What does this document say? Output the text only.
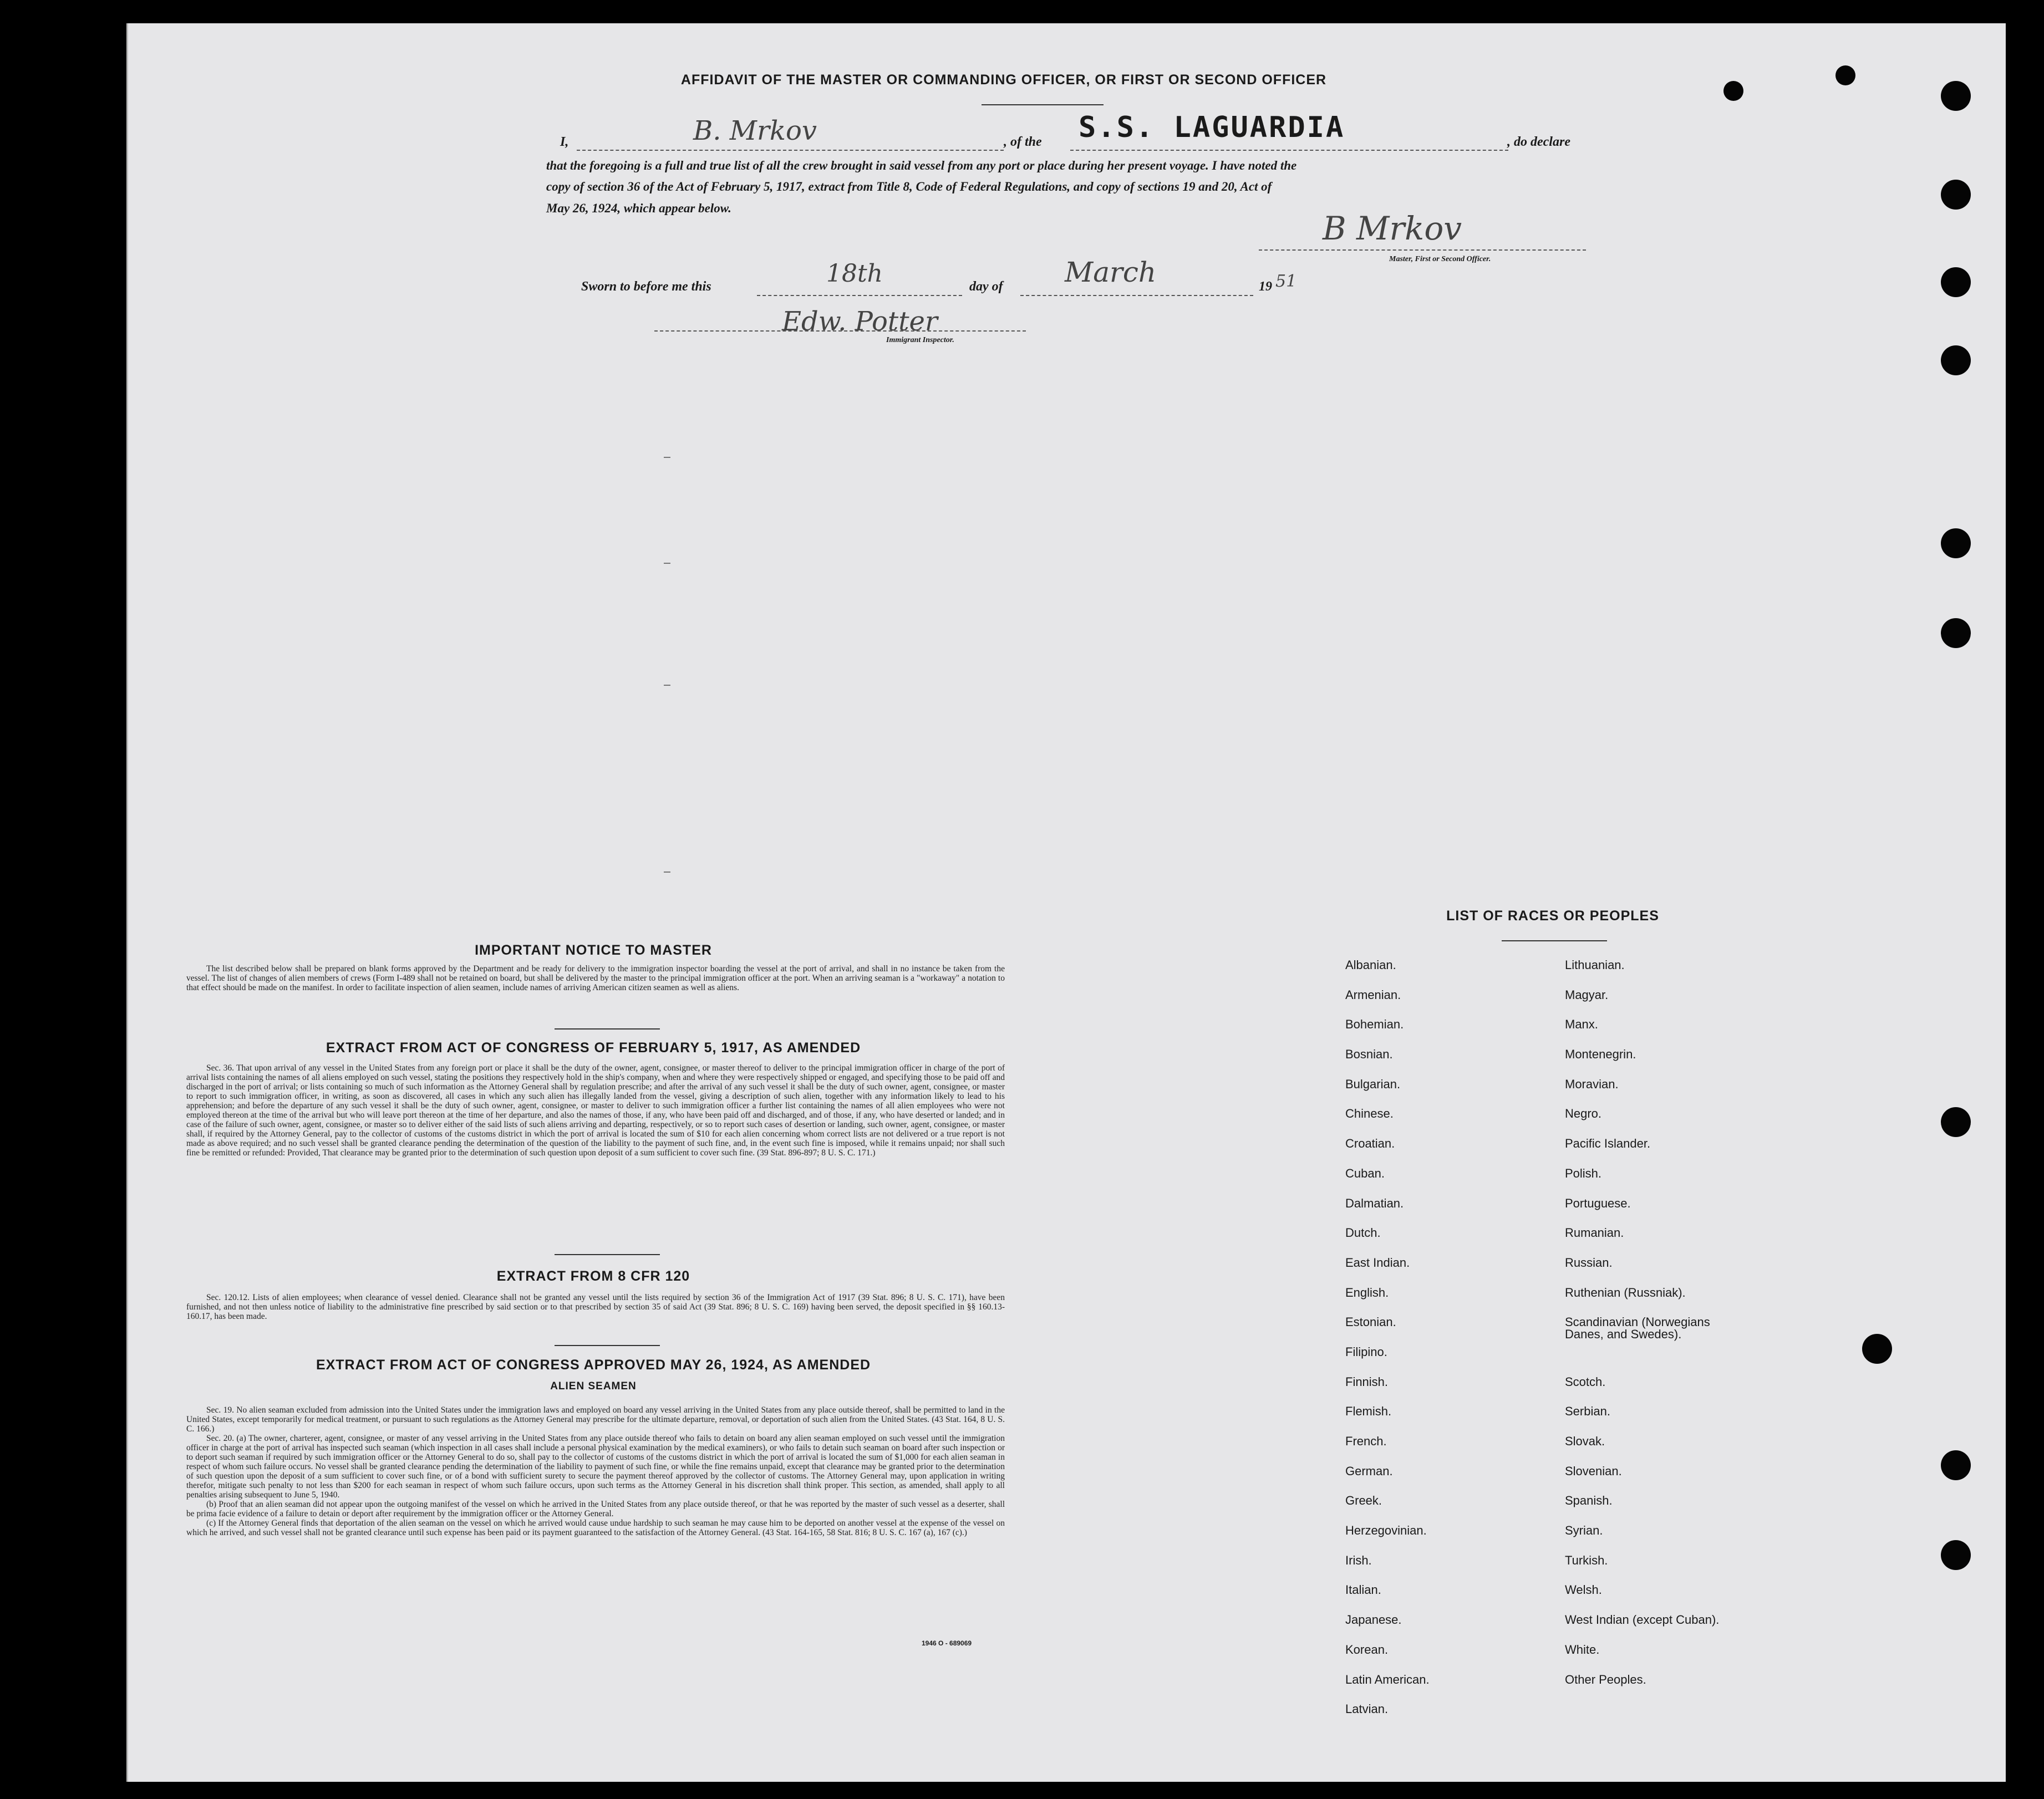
AFFIDAVIT OF THE MASTER OR COMMANDING OFFICER, OR FIRST OR SECOND OFFICER
I,	B. Mrkov	, of the S.S. LAGUARDIA	, do declare
that the foregoing is a full and true list of all the crew brought in said vessel from any port or place during her present voyage. I have noted the
copy of section 36 of the Act of February 5, 1917, extract from Title 8, Code of Federal Regulations, and copy of sections 19 and 20, Act of
May 26, 1924, which appear below.
B Mrkov
Master, First or Second Officer.
Sworn to before me this	18th	day of March	19 51
Edw. Potter
Immigrant Inspector.
IMPORTANT NOTICE TO MASTER

The list described below shall be prepared on blank forms approved by the Department and be ready for delivery to the immigration inspector boarding the vessel at the port of arrival, and shall in no instance be taken from the vessel. The list of changes of alien members of crews (Form I-489 shall not be retained on board, but shall be delivered by the master to the principal immigration officer at the port. When an arriving seaman is a "workaway" a notation to that effect should be made on the manifest. In order to facilitate inspection of alien seamen, include names of arriving American citizen seamen as well as aliens.

EXTRACT FROM ACT OF CONGRESS OF FEBRUARY 5, 1917, AS AMENDED

Sec. 36. That upon arrival of any vessel in the United States from any foreign port or place it shall be the duty of the owner, agent, consignee, or master thereof to deliver to the principal immigration officer in charge of the port of arrival lists containing the names of all aliens employed on such vessel, stating the positions they respectively hold in the ship's company, when and where they were respectively shipped or engaged, and specifying those to be paid off and discharged in the port of arrival; or lists containing so much of such information as the Attorney General shall by regulation prescribe; and after the arrival of any such vessel it shall be the duty of such owner, agent, consignee, or master to report to such immigration officer, in writing, as soon as discovered, all cases in which any such alien has illegally landed from the vessel, giving a description of such alien, together with any information likely to lead to his apprehension; and before the departure of any such vessel it shall be the duty of such owner, agent, consignee, or master to deliver to such immigration officer a further list containing the names of all alien employees who were not employed thereon at the time of the arrival but who will leave port thereon at the time of her departure, and also the names of those, if any, who have been paid off and discharged, and of those, if any, who have deserted or landed; and in case of the failure of such owner, agent, consignee, or master so to deliver either of the said lists of such aliens arriving and departing, respectively, or so to report such cases of desertion or landing, such owner, agent, consignee, or master shall, if required by the Attorney General, pay to the collector of customs of the customs district in which the port of arrival is located the sum of $10 for each alien concerning whom correct lists are not delivered or a true report is not made as above required; and no such vessel shall be granted clearance pending the determination of the question of the liability to the payment of such fine, and, in the event such fine is imposed, while it remains unpaid; nor shall such fine be remitted or refunded: Provided, That clearance may be granted prior to the determination of such question upon deposit of a sum sufficient to cover such fine. (39 Stat. 896-897; 8 U. S. C. 171.)

EXTRACT FROM 8 CFR 120

Sec. 120.12. Lists of alien employees; when clearance of vessel denied. Clearance shall not be granted any vessel until the lists required by section 36 of the Immigration Act of 1917 (39 Stat. 896; 8 U. S. C. 171), have been furnished, and not then unless notice of liability to the administrative fine prescribed by said section or to that prescribed by section 35 of said Act (39 Stat. 896; 8 U. S. C. 169) having been served, the deposit specified in §§ 160.13-160.17, has been made.

EXTRACT FROM ACT OF CONGRESS APPROVED MAY 26, 1924, AS AMENDED
ALIEN SEAMEN

Sec. 19. No alien seaman excluded from admission into the United States under the immigration laws and employed on board any vessel arriving in the United States from any place outside thereof, shall be permitted to land in the United States, except temporarily for medical treatment, or pursuant to such regulations as the Attorney General may prescribe for the ultimate departure, removal, or deportation of such alien from the United States. (43 Stat. 164, 8 U. S. C. 166.)

Sec. 20. (a) The owner, charterer, agent, consignee, or master of any vessel arriving in the United States from any place outside thereof who fails to detain on board any alien seaman employed on such vessel until the immigration officer in charge at the port of arrival has inspected such seaman (which inspection in all cases shall include a personal physical examination by the medical examiners), or who fails to detain such seaman on board after such inspection or to deport such seaman if required by such immigration officer or the Attorney General to do so, shall pay to the collector of customs of the customs district in which the port of arrival is located the sum of $1,000 for each alien seaman in respect of whom such failure occurs. No vessel shall be granted clearance pending the determination of the liability to payment of such fine, or while the fine remains unpaid, except that clearance may be granted prior to the determination of such question upon the deposit of a sum sufficient to cover such fine, or of a bond with sufficient surety to secure the payment thereof approved by the collector of customs. The Attorney General may, upon application in writing therefor, mitigate such penalty to not less than $200 for each seaman in respect of whom such failure occurs, upon such terms as the Attorney General in his discretion shall think proper. This section, as amended, shall apply to all penalties arising subsequent to June 5, 1940.

(b) Proof that an alien seaman did not appear upon the outgoing manifest of the vessel on which he arrived in the United States from any place outside thereof, or that he was reported by the master of such vessel as a deserter, shall be prima facie evidence of a failure to detain or deport after requirement by the immigration officer or the Attorney General.

(c) If the Attorney General finds that deportation of the alien seaman on the vessel on which he arrived would cause undue hardship to such seaman he may cause him to be deported on another vessel at the expense of the vessel on which he arrived, and such vessel shall not be granted clearance until such expense has been paid or its payment guaranteed to the satisfaction of the Attorney General. (43 Stat. 164-165, 58 Stat. 816; 8 U. S. C. 167 (a), 167 (c).)

1946 O - 689069
LIST OF RACES OR PEOPLES
Albanian.
Armenian.
Bohemian.
Bosnian.
Bulgarian.
Chinese.
Croatian.
Cuban.
Dalmatian.
Dutch.
East Indian.
English.
Estonian.
Filipino.
Finnish.
Flemish.
French.
German.
Greek.
Herzegovinian.
Irish.
Italian.
Japanese.
Korean.
Latin American.
Latvian.
Lithuanian.
Magyar.
Manx.
Montenegrin.
Moravian.
Negro.
Pacific Islander.
Polish.
Portuguese.
Rumanian.
Russian.
Ruthenian (Russniak).
Scandinavian (Norwegians Danes, and Swedes).
Scotch.
Serbian.
Slovak.
Slovenian.
Spanish.
Syrian.
Turkish.
Welsh.
West Indian (except Cuban).
White.
Other Peoples.
